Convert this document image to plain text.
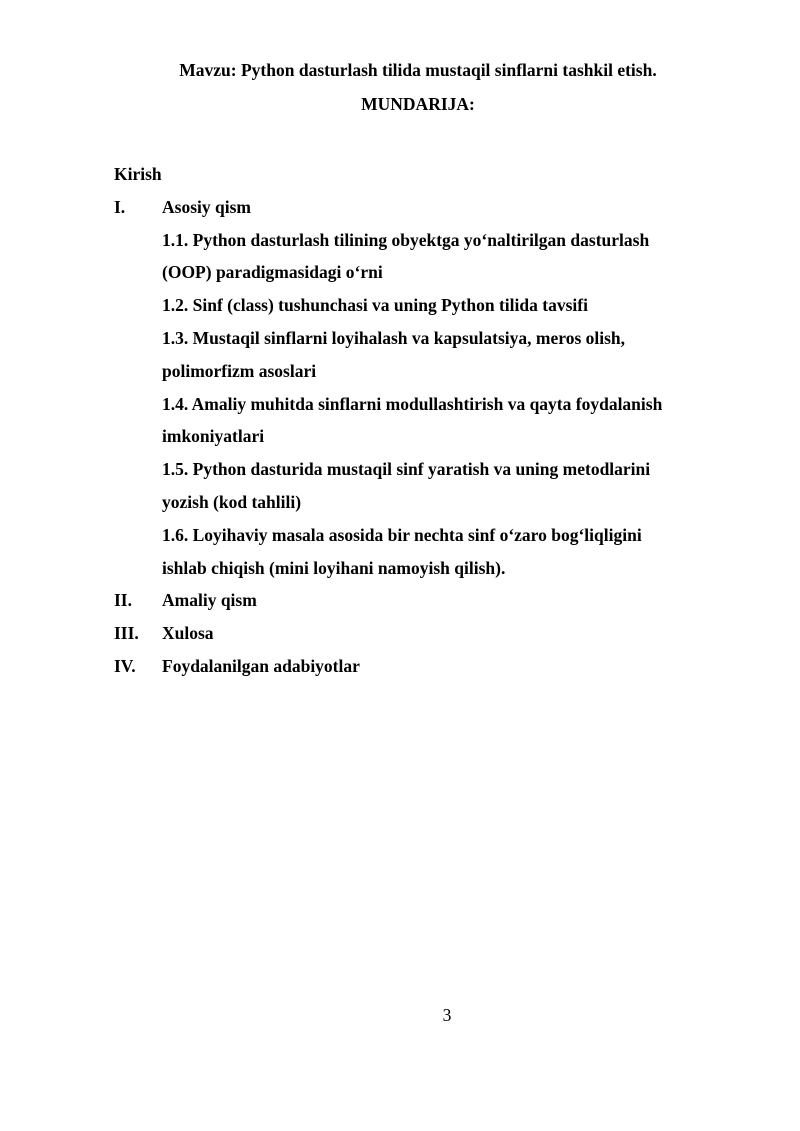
Mavzu: Python dasturlash tilida mustaqil sinflarni tashkil etish.
MUNDARIJA:
Kirish
I. Asosiy qism
1.1. Python dasturlash tilining obyektga yo‘naltirilgan dasturlash
(OOP) paradigmasidagi o‘rni
1.2. Sinf (class) tushunchasi va uning Python tilida tavsifi
1.3. Mustaqil sinflarni loyihalash va kapsulatsiya, meros olish,
polimorfizm asoslari
1.4. Amaliy muhitda sinflarni modullashtirish va qayta foydalanish
imkoniyatlari
1.5. Python dasturida mustaqil sinf yaratish va uning metodlarini
yozish (kod tahlili)
1.6. Loyihaviy masala asosida bir nechta sinf o‘zaro bog‘liqligini
ishlab chiqish (mini loyihani namoyish qilish).
II. Amaliy qism
III. Xulosa
IV. Foydalanilgan adabiyotlar
3
